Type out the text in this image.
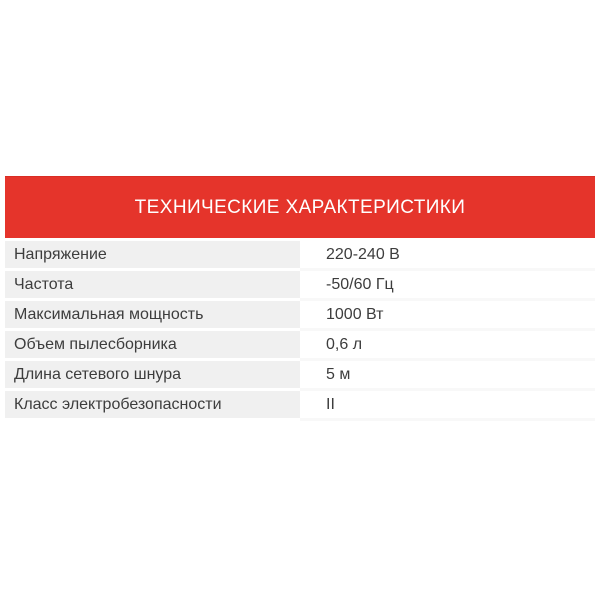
ТЕХНИЧЕСКИЕ ХАРАКТЕРИСТИКИ
Напряжение	220-240 В
Частота	-50/60 Гц
Максимальная мощность	1000 Вт
Объем пылесборника	0,6 л
Длина сетевого шнура	5 м
Класс электробезопасности	II
